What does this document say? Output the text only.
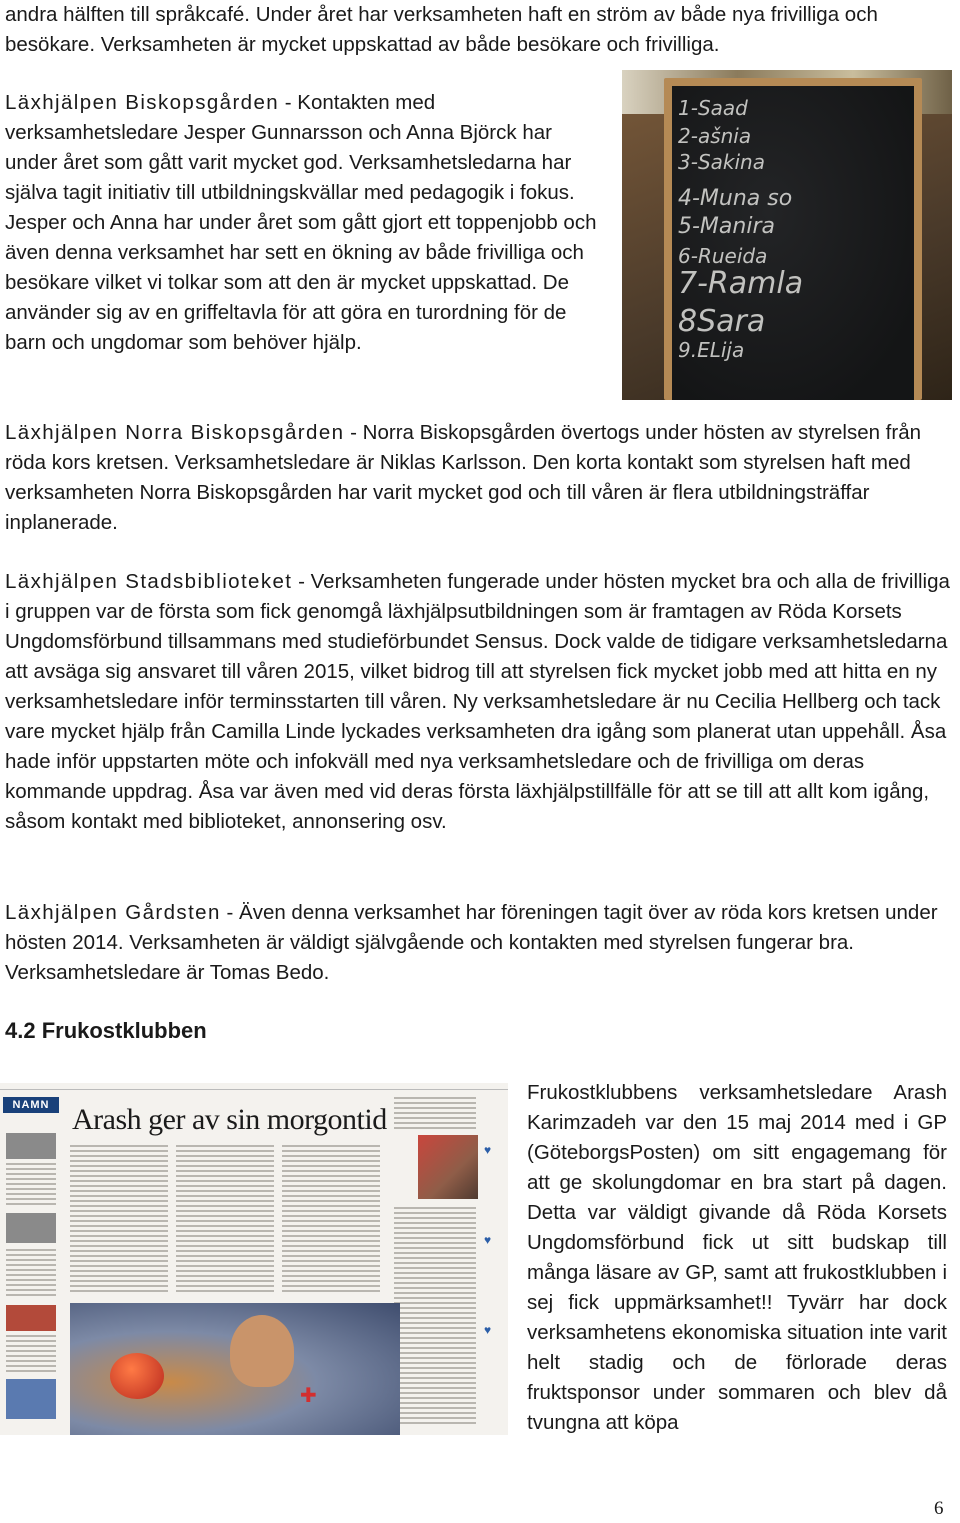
andra hälften till språkcafé. Under året har verksamheten haft en ström av både nya frivilliga och besökare. Verksamheten är mycket uppskattad av både besökare och frivilliga.

Läxhjälpen Biskopsgården - Kontakten med verksamhetsledare Jesper Gunnarsson och Anna Björck har under året som gått varit mycket god. Verksamhetsledarna har själva tagit initiativ till utbildningskvällar med pedagogik i fokus. Jesper och Anna har under året som gått gjort ett toppenjobb och även denna verksamhet har sett en ökning av både frivilliga och besökare vilket vi tolkar som att den är mycket uppskattad. De använder sig av en griffeltavla för att göra en turordning för de barn och ungdomar som behöver hjälp.

1-Saad
2-ašnia
3-Sakina
4-Muna so
5-Manira
6-Rueida
7-Ramla
8Sara
9.ELija

Läxhjälpen Norra Biskopsgården - Norra Biskopsgården övertogs under hösten av styrelsen från röda kors kretsen. Verksamhetsledare är Niklas Karlsson. Den korta kontakt som styrelsen haft med verksamheten Norra Biskopsgården har varit mycket god och till våren är flera utbildningsträffar inplanerade.

Läxhjälpen Stadsbiblioteket - Verksamheten fungerade under hösten mycket bra och alla de frivilliga i gruppen var de första som fick genomgå läxhjälpsutbildningen som är framtagen av Röda Korsets Ungdomsförbund tillsammans med studieförbundet Sensus. Dock valde de tidigare verksamhetsledarna att avsäga sig ansvaret till våren 2015, vilket bidrog till att styrelsen fick mycket jobb med att hitta en ny verksamhetsledare inför terminsstarten till våren. Ny verksamhetsledare är nu Cecilia Hellberg och tack vare mycket hjälp från Camilla Linde lyckades verksamheten dra igång som planerat utan uppehåll. Åsa hade inför uppstarten möte och infokväll med nya verksamhetsledare och de frivilliga om deras kommande uppdrag. Åsa var även med vid deras första läxhjälpstillfälle för att se till att allt kom igång, såsom kontakt med biblioteket, annonsering osv.

Läxhjälpen Gårdsten - Även denna verksamhet har föreningen tagit över av röda kors kretsen under hösten 2014. Verksamheten är väldigt självgående och kontakten med styrelsen fungerar bra. Verksamhetsledare är Tomas Bedo.

4.2 Frukostklubben
NAMN Arash ger av sin morgontid
♥
♥
♥
✚

Frukostklubbens verksamhetsledare Arash Karimzadeh var den 15 maj 2014 med i GP (GöteborgsPosten) om sitt engagemang för att ge skolungdomar en bra start på dagen. Detta var väldigt givande då Röda Korsets Ungdomsförbund fick ut sitt budskap till många läsare av GP, samt att frukostklubben i sej fick uppmärksamhet!! Tyvärr har dock verksamhetens ekonomiska situation inte varit helt stadig och de förlorade deras fruktsponsor under sommaren och blev då tvungna att köpa

6
